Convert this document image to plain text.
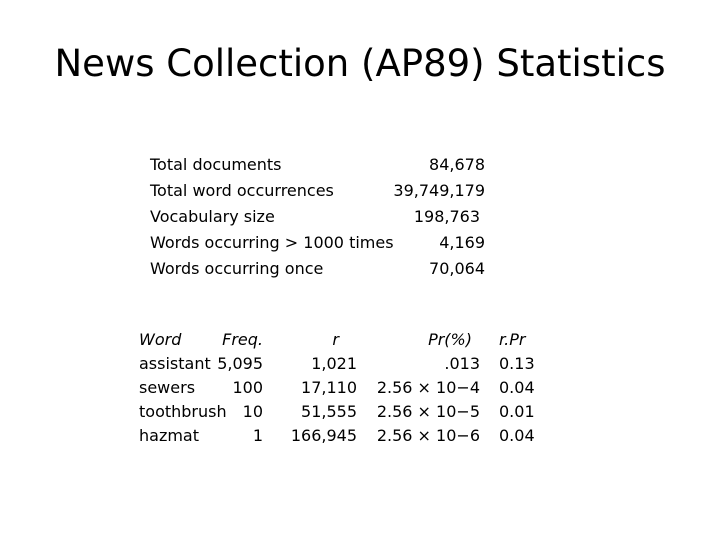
News Collection (AP89) Statistics
Total documents	84,678
Total word occurrences	39,749,179
Vocabulary size	198,763
Words occurring > 1000 times	4,169
Words occurring once	70,064
Word	Freq.	r	Pr(%) r.Pr
assistant 5,095	1,021	.013 0.13
sewers 100 17,110	2.56 × 10−4 0.04
toothbrush 10 51,555	2.56 × 10−5 0.01
hazmat	1 166,945	2.56 × 10−6 0.04
